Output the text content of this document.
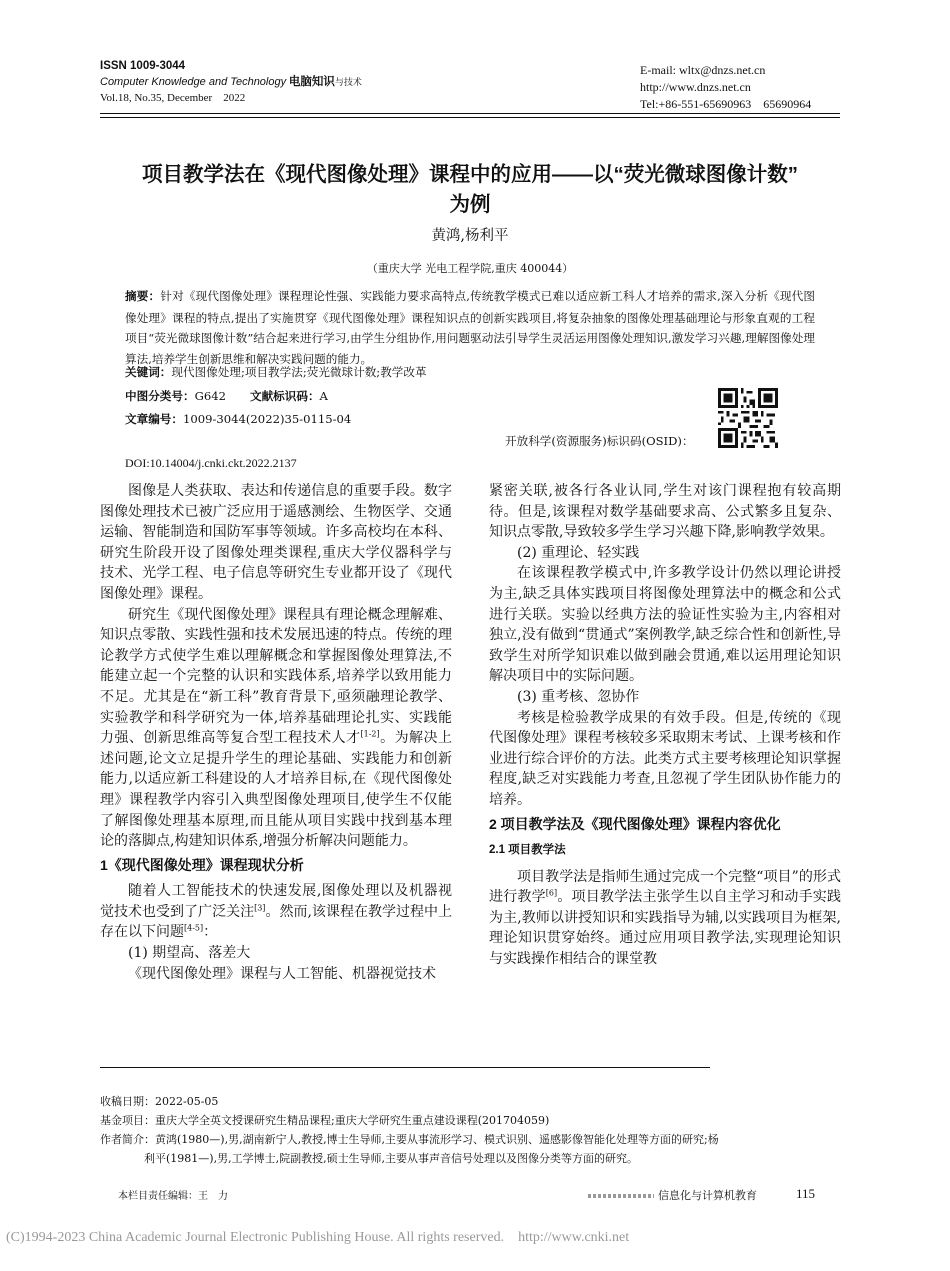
ISSN 1009-3044
Computer Knowledge and Technology 电脑知识与技术
Vol.18, No.35, December　2022
E-mail: wltx@dnzs.net.cn
http://www.dnzs.net.cn
Tel:+86-551-65690963　65690964
项目教学法在《现代图像处理》课程中的应用——以“荧光微球图像计数”
为例
黄鸿,杨利平
（重庆大学 光电工程学院,重庆 400044）
摘要：针对《现代图像处理》课程理论性强、实践能力要求高特点,传统教学模式已难以适应新工科人才培养的需求,深入分析《现代图像处理》课程的特点,提出了实施贯穿《现代图像处理》课程知识点的创新实践项目,将复杂抽象的图像处理基础理论与形象直观的工程项目“荧光微球图像计数”结合起来进行学习,由学生分组协作,用问题驱动法引导学生灵活运用图像处理知识,激发学习兴趣,理解图像处理算法,培养学生创新思维和解决实践问题的能力。
关键词：现代图像处理;项目教学法;荧光微球计数;教学改革
中图分类号：G642 文献标识码：A
文章编号：1009-3044(2022)35-0115-04
开放科学(资源服务)标识码(OSID)：
DOI:10.14004/j.cnki.ckt.2022.2137

图像是人类获取、表达和传递信息的重要手段。数字图像处理技术已被广泛应用于遥感测绘、生物医学、交通运输、智能制造和国防军事等领域。许多高校均在本科、研究生阶段开设了图像处理类课程,重庆大学仪器科学与技术、光学工程、电子信息等研究生专业都开设了《现代图像处理》课程。

研究生《现代图像处理》课程具有理论概念理解难、知识点零散、实践性强和技术发展迅速的特点。传统的理论教学方式使学生难以理解概念和掌握图像处理算法,不能建立起一个完整的认识和实践体系,培养学以致用能力不足。尤其是在“新工科”教育背景下,亟须融理论教学、实验教学和科学研究为一体,培养基础理论扎实、实践能力强、创新思维高等复合型工程技术人才[1-2]。为解决上述问题,论文立足提升学生的理论基础、实践能力和创新能力,以适应新工科建设的人才培养目标,在《现代图像处理》课程教学内容引入典型图像处理项目,使学生不仅能了解图像处理基本原理,而且能从项目实践中找到基本理论的落脚点,构建知识体系,增强分析解决问题能力。

1《现代图像处理》课程现状分析

随着人工智能技术的快速发展,图像处理以及机器视觉技术也受到了广泛关注[3]。然而,该课程在教学过程中上存在以下问题[4-5]：

(1) 期望高、落差大

《现代图像处理》课程与人工智能、机器视觉技术

紧密关联,被各行各业认同,学生对该门课程抱有较高期待。但是,该课程对数学基础要求高、公式繁多且复杂、知识点零散,导致较多学生学习兴趣下降,影响教学效果。

(2) 重理论、轻实践

在该课程教学模式中,许多教学设计仍然以理论讲授为主,缺乏具体实践项目将图像处理算法中的概念和公式进行关联。实验以经典方法的验证性实验为主,内容相对独立,没有做到“贯通式”案例教学,缺乏综合性和创新性,导致学生对所学知识难以做到融会贯通,难以运用理论知识解决项目中的实际问题。

(3) 重考核、忽协作

考核是检验教学成果的有效手段。但是,传统的《现代图像处理》课程考核较多采取期末考试、上课考核和作业进行综合评价的方法。此类方式主要考核理论知识掌握程度,缺乏对实践能力考查,且忽视了学生团队协作能力的培养。

2 项目教学法及《现代图像处理》课程内容优化
2.1 项目教学法

项目教学法是指师生通过完成一个完整“项目”的形式进行教学[6]。项目教学法主张学生以自主学习和动手实践为主,教师以讲授知识和实践指导为辅,以实践项目为框架,理论知识贯穿始终。通过应用项目教学法,实现理论知识与实践操作相结合的课堂教

收稿日期：2022-05-05
基金项目：重庆大学全英文授课研究生精品课程;重庆大学研究生重点建设课程(201704059)
作者简介：黄鸿(1980—),男,湖南新宁人,教授,博士生导师,主要从事流形学习、模式识别、遥感影像智能化处理等方面的研究;杨
利平(1981—),男,工学博士,院副教授,硕士生导师,主要从事声音信号处理以及图像分类等方面的研究。
本栏目责任编辑：王　力	信息化与计算机教育	115
(C)1994-2023 China Academic Journal Electronic Publishing House. All rights reserved.　http://www.cnki.net
